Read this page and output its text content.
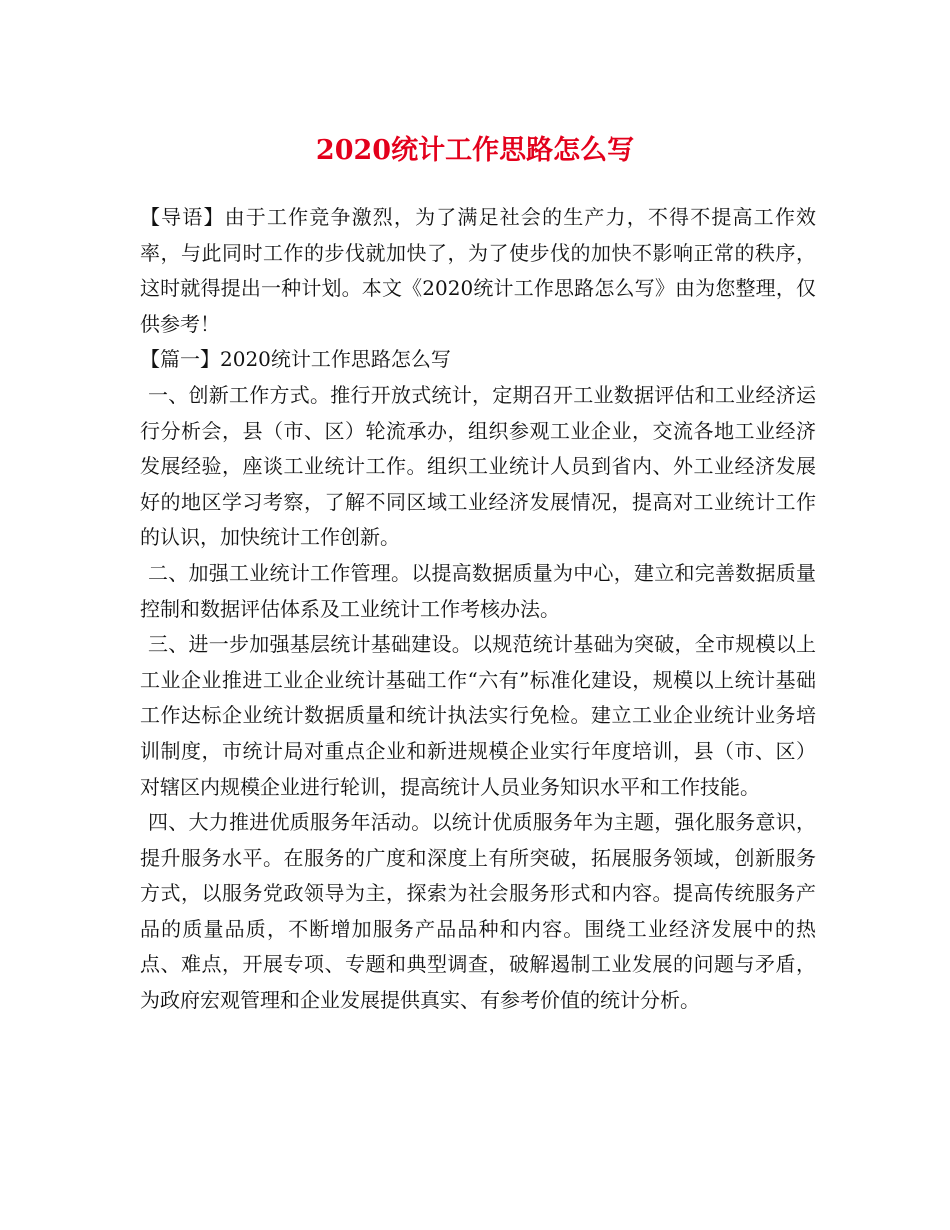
2020统计工作思路怎么写

【导语】由于工作竞争激烈，为了满足社会的生产力，不得不提高工作效率，与此同时工作的步伐就加快了，为了使步伐的加快不影响正常的秩序，这时就得提出一种计划。本文《2020统计工作思路怎么写》由为您整理，仅供参考！

【篇一】2020统计工作思路怎么写

一、创新工作方式。推行开放式统计，定期召开工业数据评估和工业经济运行分析会，县（市、区）轮流承办，组织参观工业企业，交流各地工业经济发展经验，座谈工业统计工作。组织工业统计人员到省内、外工业经济发展好的地区学习考察，了解不同区域工业经济发展情况，提高对工业统计工作的认识，加快统计工作创新。

二、加强工业统计工作管理。以提高数据质量为中心，建立和完善数据质量控制和数据评估体系及工业统计工作考核办法。

三、进一步加强基层统计基础建设。以规范统计基础为突破，全市规模以上工业企业推进工业企业统计基础工作“六有”标准化建设，规模以上统计基础工作达标企业统计数据质量和统计执法实行免检。建立工业企业统计业务培训制度，市统计局对重点企业和新进规模企业实行年度培训，县（市、区）对辖区内规模企业进行轮训，提高统计人员业务知识水平和工作技能。

四、大力推进优质服务年活动。以统计优质服务年为主题，强化服务意识，提升服务水平。在服务的广度和深度上有所突破，拓展服务领域，创新服务方式，以服务党政领导为主，探索为社会服务形式和内容。提高传统服务产品的质量品质，不断增加服务产品品种和内容。围绕工业经济发展中的热点、难点，开展专项、专题和典型调查，破解遏制工业发展的问题与矛盾，为政府宏观管理和企业发展提供真实、有参考价值的统计分析。
